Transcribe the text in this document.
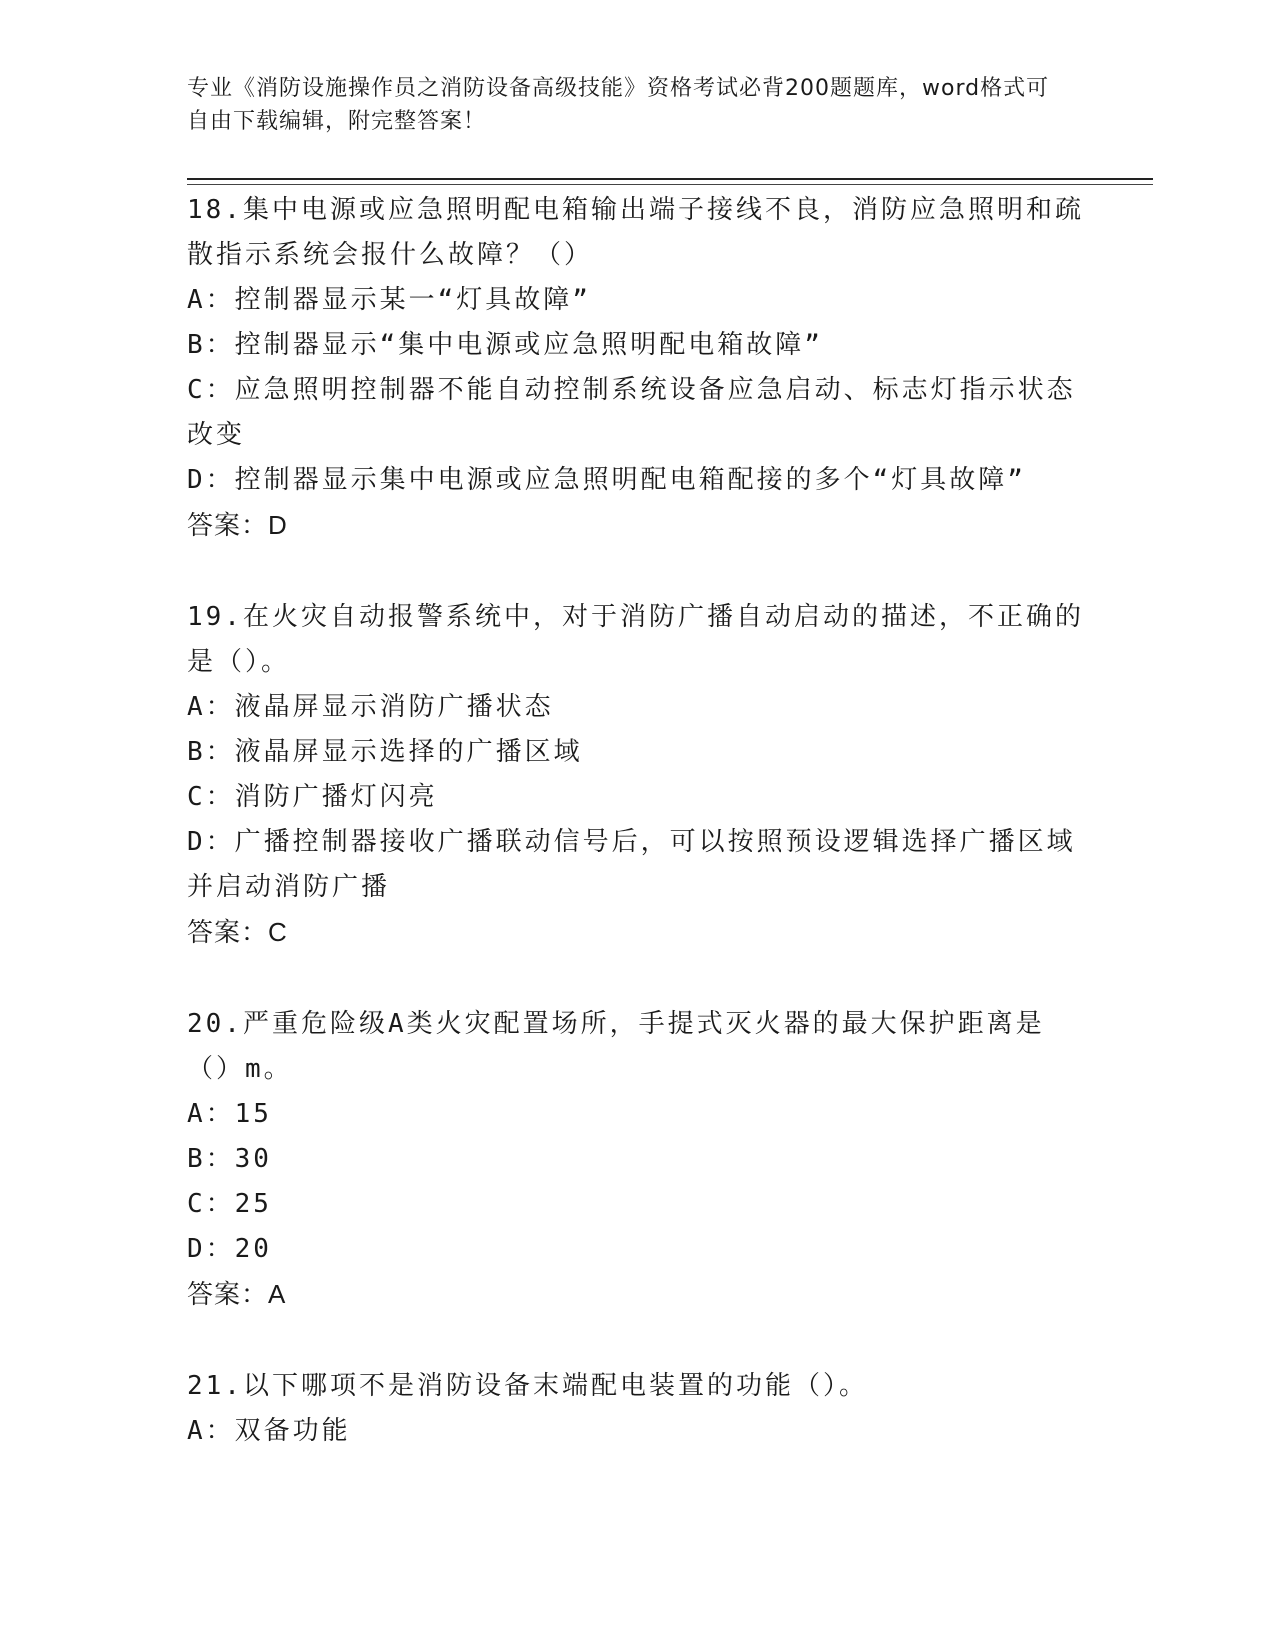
专业《消防设施操作员之消防设备高级技能》资格考试必背200题题库，word格式可自由下载编辑，附完整答案！
18.集中电源或应急照明配电箱输出端子接线不良，消防应急照明和疏散指示系统会报什么故障？（）
A：控制器显示某一“灯具故障”
B：控制器显示“集中电源或应急照明配电箱故障”
C：应急照明控制器不能自动控制系统设备应急启动、标志灯指示状态改变
D：控制器显示集中电源或应急照明配电箱配接的多个“灯具故障”
答案：D
19.在火灾自动报警系统中，对于消防广播自动启动的描述，不正确的是（）。
A：液晶屏显示消防广播状态
B：液晶屏显示选择的广播区域
C：消防广播灯闪亮
D：广播控制器接收广播联动信号后，可以按照预设逻辑选择广播区域并启动消防广播
答案：C
20.严重危险级A类火灾配置场所，手提式灭火器的最大保护距离是（）m。
A：15
B：30
C：25
D：20
答案：A
21.以下哪项不是消防设备末端配电装置的功能（）。
A：双备功能
